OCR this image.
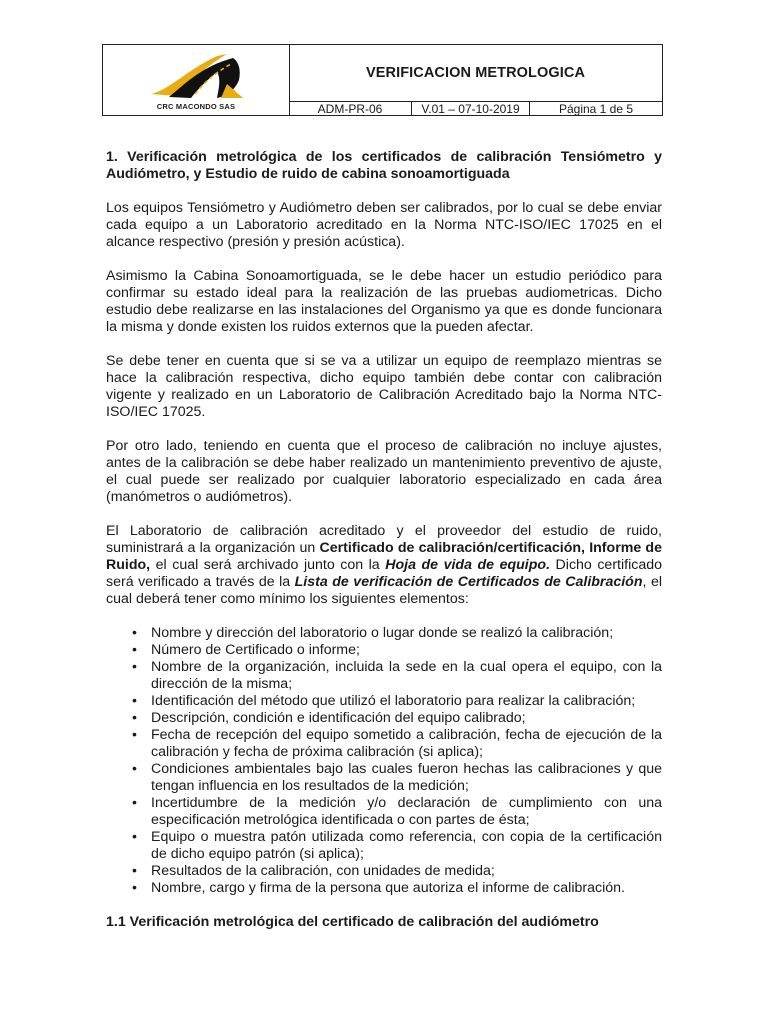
CRC MACONDO SAS
VERIFICACION METROLOGICA
ADM-PR-06	V.01 – 07-10-2019	Página 1 de 5

1. Verificación metrológica de los certificados de calibración Tensiómetro y Audiómetro, y Estudio de ruido de cabina sonoamortiguada

Los equipos Tensiómetro y Audiómetro deben ser calibrados, por lo cual se debe enviar cada equipo a un Laboratorio acreditado en la Norma NTC-ISO/IEC 17025 en el alcance respectivo (presión y presión acústica).

Asimismo la Cabina Sonoamortiguada, se le debe hacer un estudio periódico para confirmar su estado ideal para la realización de las pruebas audiometricas. Dicho estudio debe realizarse en las instalaciones del Organismo ya que es donde funcionara la misma y donde existen los ruidos externos que la pueden afectar.

Se debe tener en cuenta que si se va a utilizar un equipo de reemplazo mientras se hace la calibración respectiva, dicho equipo también debe contar con calibración vigente y realizado en un Laboratorio de Calibración Acreditado bajo la Norma NTC-ISO/IEC 17025.

Por otro lado, teniendo en cuenta que el proceso de calibración no incluye ajustes, antes de la calibración se debe haber realizado un mantenimiento preventivo de ajuste, el cual puede ser realizado por cualquier laboratorio especializado en cada área (manómetros o audiómetros).

El Laboratorio de calibración acreditado y el proveedor del estudio de ruido, suministrará a la organización un Certificado de calibración/certificación, Informe de Ruido, el cual será archivado junto con la Hoja de vida de equipo. Dicho certificado será verificado a través de la Lista de verificación de Certificados de Calibración, el cual deberá tener como mínimo los siguientes elementos:

• Nombre y dirección del laboratorio o lugar donde se realizó la calibración;
• Número de Certificado o informe;
• Nombre de la organización, incluida la sede en la cual opera el equipo, con la dirección de la misma;
• Identificación del método que utilizó el laboratorio para realizar la calibración;
• Descripción, condición e identificación del equipo calibrado;
• Fecha de recepción del equipo sometido a calibración, fecha de ejecución de la calibración y fecha de próxima calibración (si aplica);
• Condiciones ambientales bajo las cuales fueron hechas las calibraciones y que tengan influencia en los resultados de la medición;
• Incertidumbre de la medición y/o declaración de cumplimiento con una especificación metrológica identificada o con partes de ésta;
• Equipo o muestra patón utilizada como referencia, con copia de la certificación de dicho equipo patrón (si aplica);
• Resultados de la calibración, con unidades de medida;
• Nombre, cargo y firma de la persona que autoriza el informe de calibración.

1.1 Verificación metrológica del certificado de calibración del audiómetro
